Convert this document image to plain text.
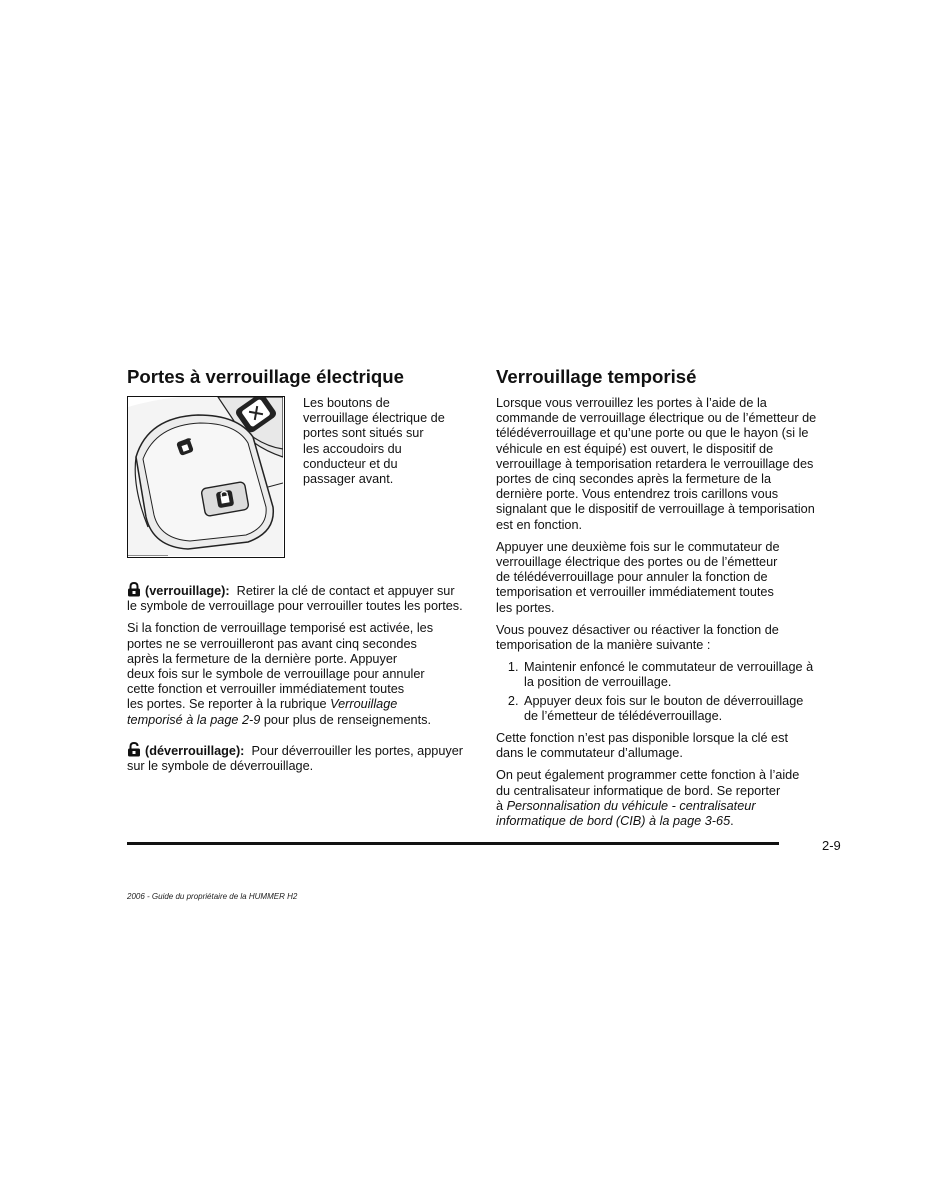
Portes à verrouillage électrique
Les boutons de
verrouillage électrique de
portes sont situés sur
les accoudoirs du
conducteur et du
passager avant.

(verrouillage): Retirer la clé de contact et appuyer sur le symbole de verrouillage pour verrouiller toutes les portes.

Si la fonction de verrouillage temporisé est activée, les
portes ne se verrouilleront pas avant cinq secondes
après la fermeture de la dernière porte. Appuyer
deux fois sur le symbole de verrouillage pour annuler
cette fonction et verrouiller immédiatement toutes
les portes. Se reporter à la rubrique Verrouillage
temporisé à la page 2-9 pour plus de renseignements.

(déverrouillage): Pour déverrouiller les portes, appuyer sur le symbole de déverrouillage.

Verrouillage temporisé

Lorsque vous verrouillez les portes à l’aide de la
commande de verrouillage électrique ou de l’émetteur de
télédéverrouillage et qu’une porte ou que le hayon (si le
véhicule en est équipé) est ouvert, le dispositif de
verrouillage à temporisation retardera le verrouillage des
portes de cinq secondes après la fermeture de la
dernière porte. Vous entendrez trois carillons vous
signalant que le dispositif de verrouillage à temporisation
est en fonction.

Appuyer une deuxième fois sur le commutateur de
verrouillage électrique des portes ou de l’émetteur
de télédéverrouillage pour annuler la fonction de
temporisation et verrouiller immédiatement toutes
les portes.

Vous pouvez désactiver ou réactiver la fonction de
temporisation de la manière suivante :

1. Maintenir enfoncé le commutateur de verrouillage à
la position de verrouillage.
2. Appuyer deux fois sur le bouton de déverrouillage
de l’émetteur de télédéverrouillage.

Cette fonction n’est pas disponible lorsque la clé est
dans le commutateur d’allumage.

On peut également programmer cette fonction à l’aide
du centralisateur informatique de bord. Se reporter
à Personnalisation du véhicule - centralisateur
informatique de bord (CIB) à la page 3-65.

2-9
2006 - Guide du propriétaire de la HUMMER H2
